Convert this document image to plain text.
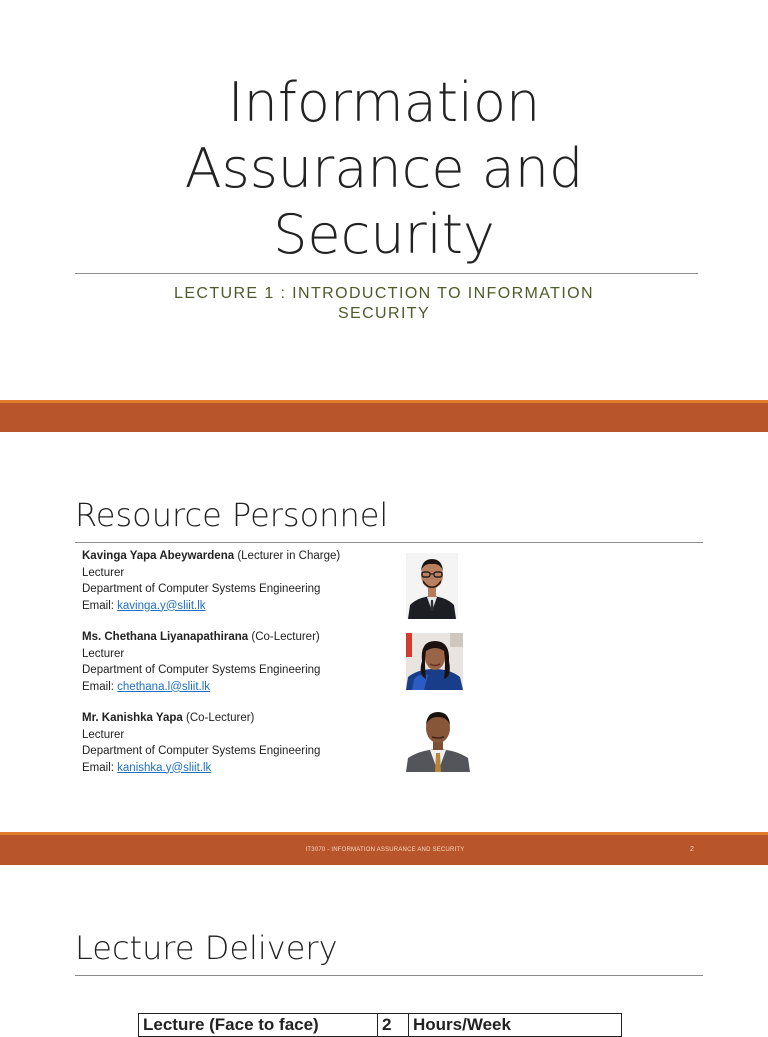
Information
Assurance and
Security
LECTURE 1 : INTRODUCTION TO INFORMATION
SECURITY
Resource Personnel
Kavinga Yapa Abeywardena (Lecturer in Charge)
Lecturer
Department of Computer Systems Engineering
Email: kavinga.y@sliit.lk
Ms. Chethana Liyanapathirana (Co-Lecturer)
Lecturer
Department of Computer Systems Engineering
Email: chethana.l@sliit.lk
Mr. Kanishka Yapa (Co-Lecturer)
Lecturer
Department of Computer Systems Engineering
Email: kanishka.y@sliit.lk
IT3070 - INFORMATION ASSURANCE AND SECURITY	2
Lecture Delivery
Lecture (Face to face)	2	Hours/Week
